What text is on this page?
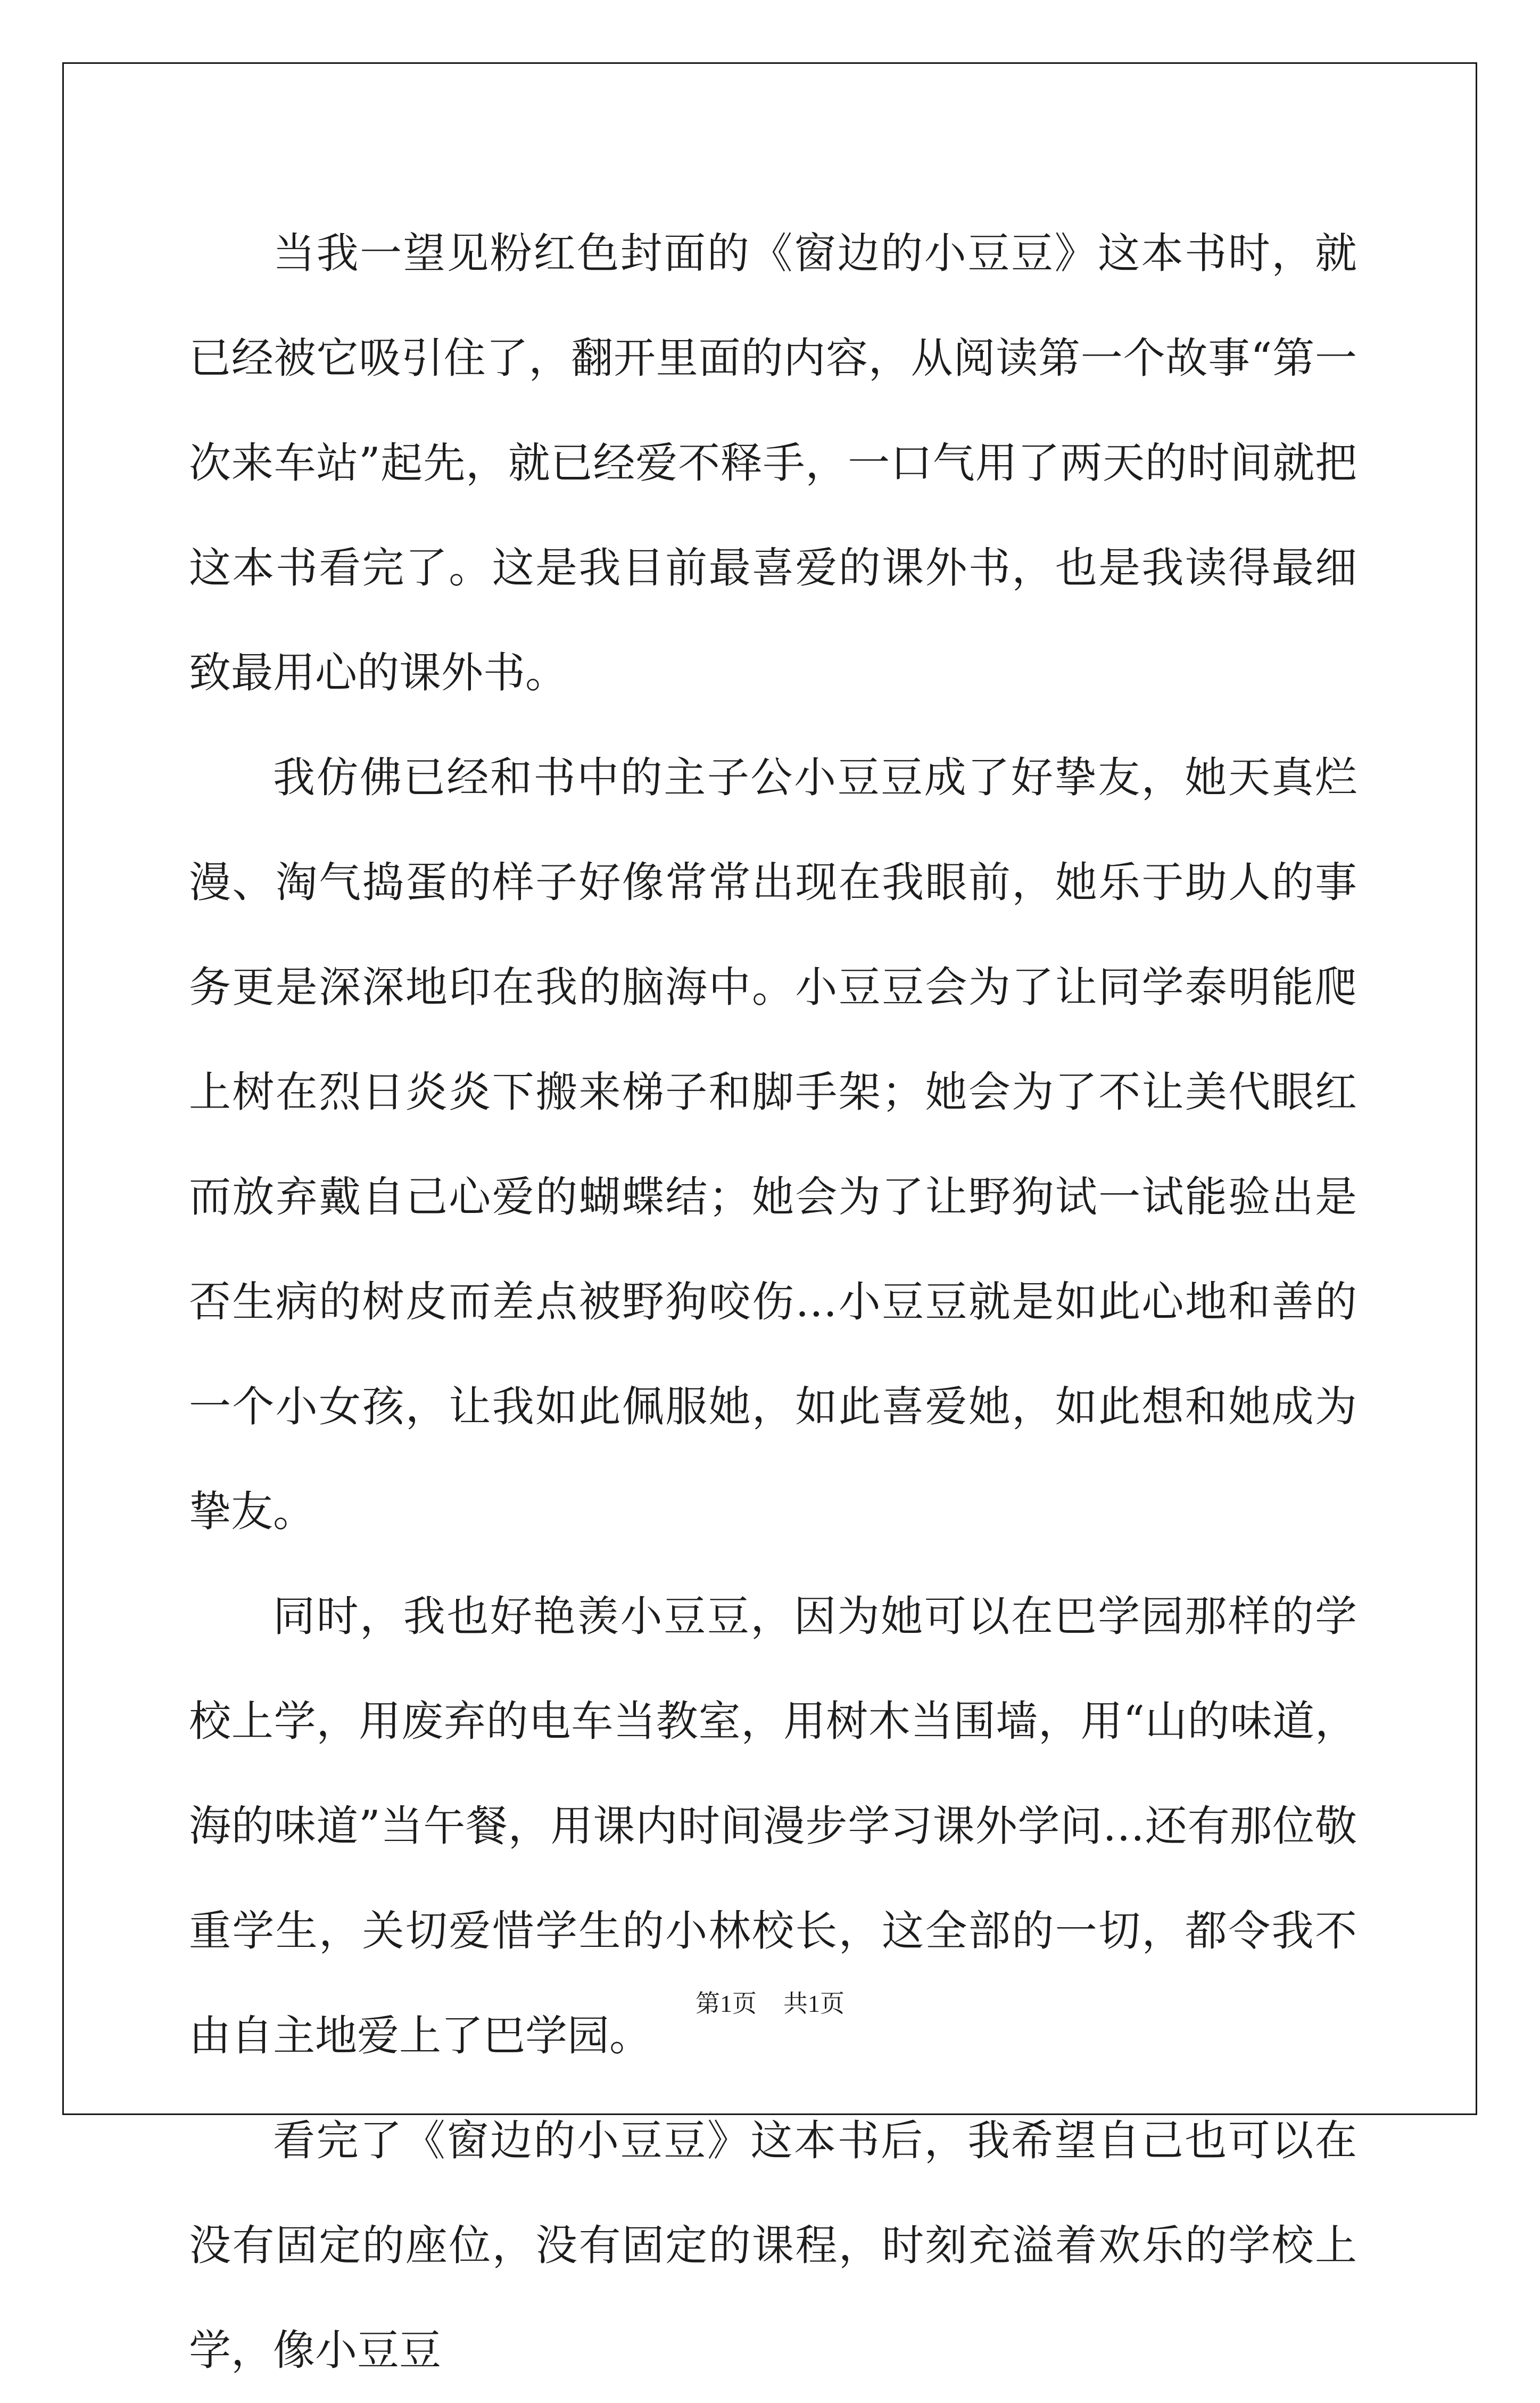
当我一望见粉红色封面的《窗边的小豆豆》这本书时，就已经被它吸引住了，翻开里面的内容，从阅读第一个故事“第一次来车站”起先，就已经爱不释手，一口气用了两天的时间就把这本书看完了。这是我目前最喜爱的课外书，也是我读得最细致最用心的课外书。

我仿佛已经和书中的主子公小豆豆成了好挚友，她天真烂漫、淘气捣蛋的样子好像常常出现在我眼前，她乐于助人的事务更是深深地印在我的脑海中。小豆豆会为了让同学泰明能爬上树在烈日炎炎下搬来梯子和脚手架；她会为了不让美代眼红而放弃戴自己心爱的蝴蝶结；她会为了让野狗试一试能验出是否生病的树皮而差点被野狗咬伤…小豆豆就是如此心地和善的一个小女孩，让我如此佩服她，如此喜爱她，如此想和她成为挚友。

同时，我也好艳羡小豆豆，因为她可以在巴学园那样的学校上学，用废弃的电车当教室，用树木当围墙，用“山的味道，海的味道”当午餐，用课内时间漫步学习课外学问…还有那位敬重学生，关切爱惜学生的小林校长，这全部的一切，都令我不由自主地爱上了巴学园。

看完了《窗边的小豆豆》这本书后，我希望自己也可以在没有固定的座位，没有固定的课程，时刻充溢着欢乐的学校上学，像小豆豆

第1页 共1页
